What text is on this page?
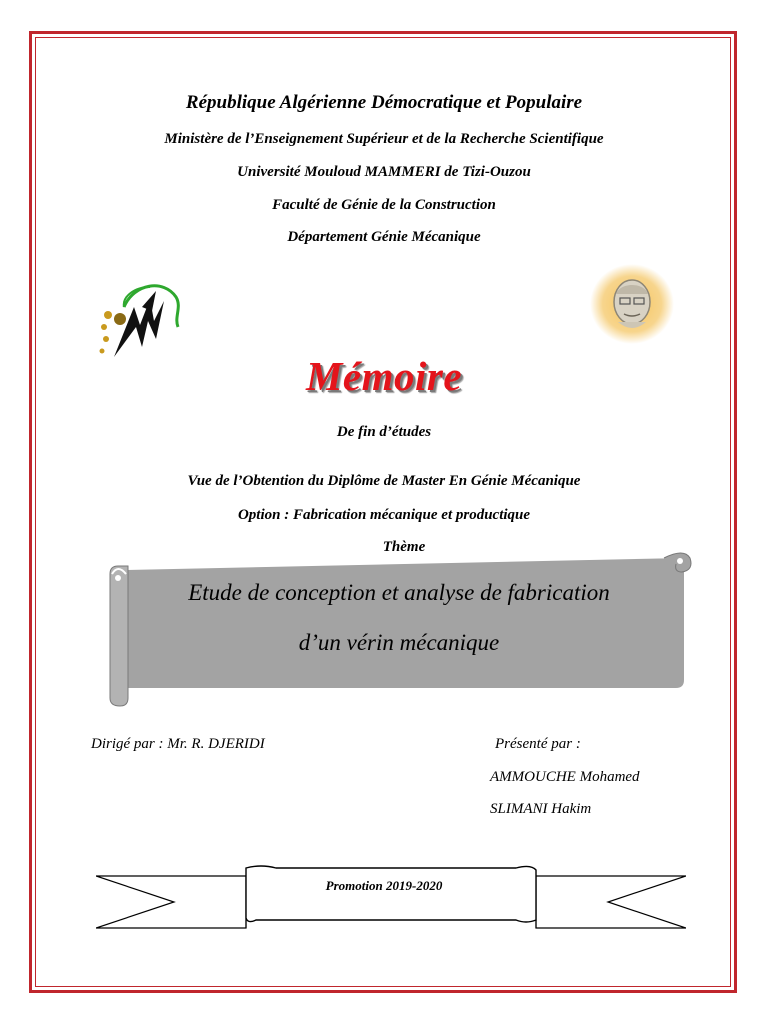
République Algérienne Démocratique et Populaire
Ministère de l’Enseignement Supérieur et de la Recherche Scientifique
Université Mouloud MAMMERI de Tizi-Ouzou
Faculté de Génie de la Construction
Département Génie Mécanique
Mémoire
De fin d’études
Vue de l’Obtention du Diplôme de Master En Génie Mécanique
Option : Fabrication mécanique et productique
Thème
Etude de conception et analyse de fabrication
d’un vérin mécanique
Dirigé par : Mr. R. DJERIDI	Présenté par :
AMMOUCHE Mohamed
SLIMANI Hakim
Promotion 2019-2020
